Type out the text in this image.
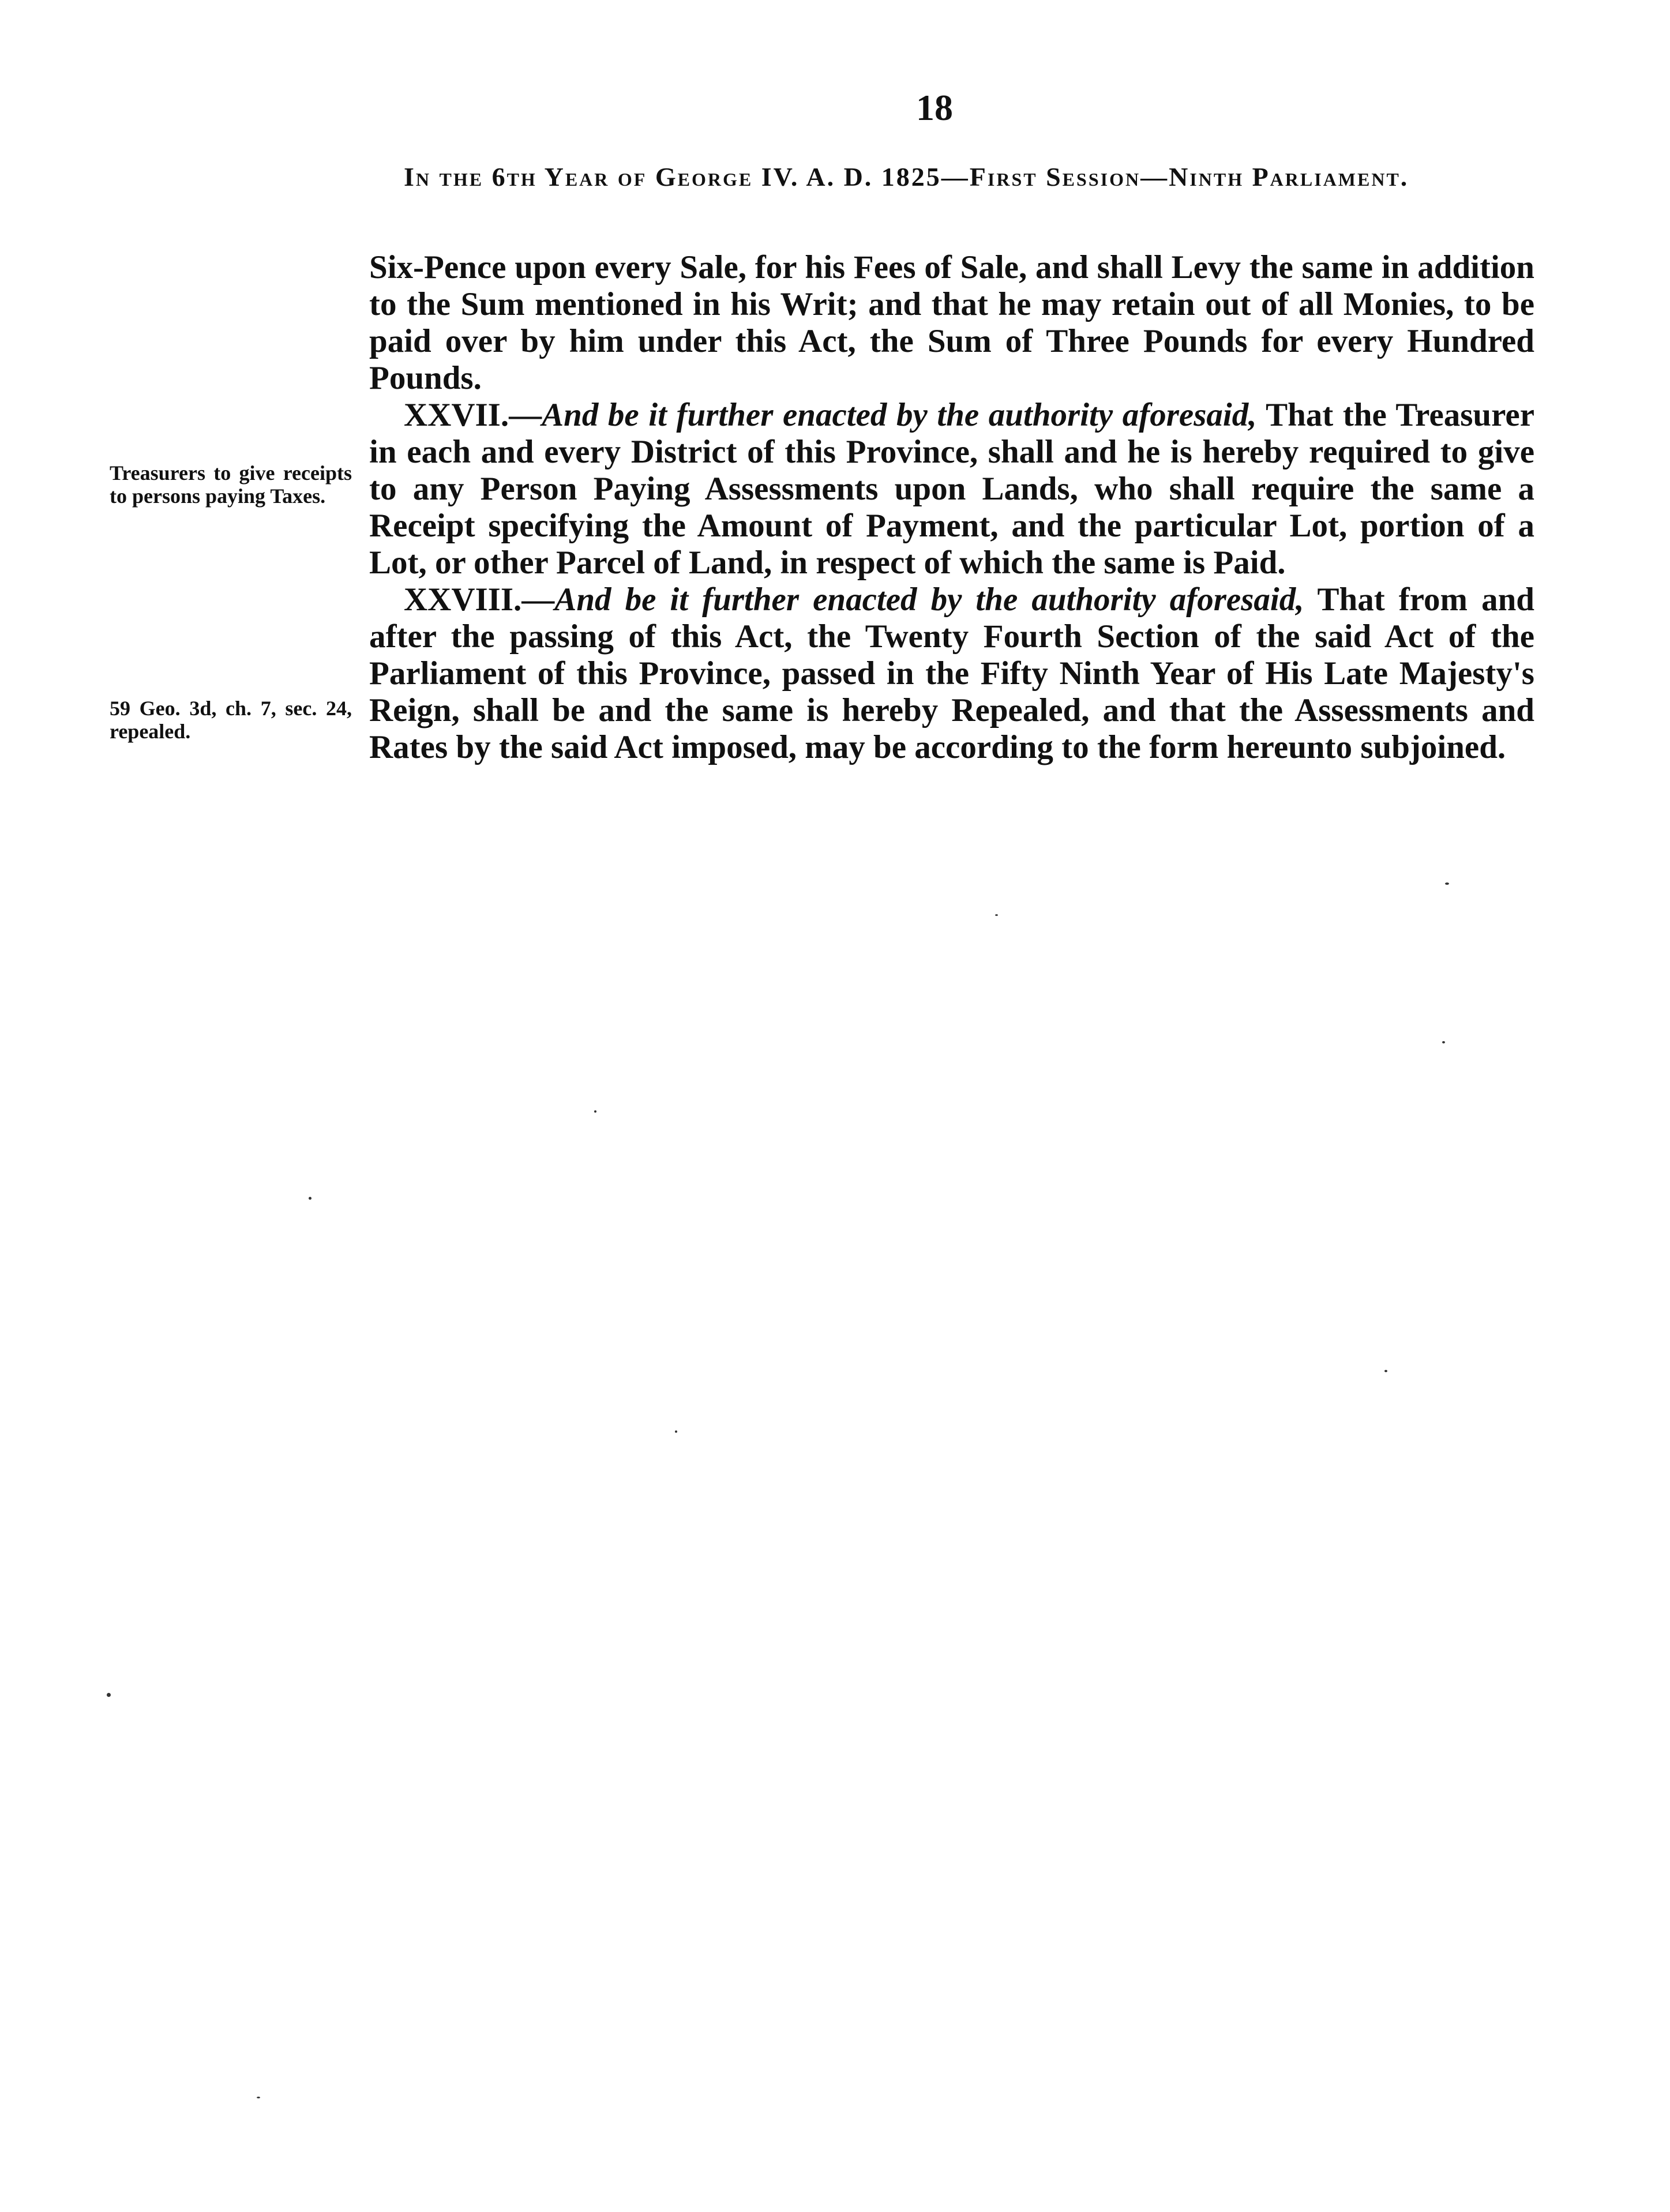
18
In the 6th Year of George IV. A. D. 1825—First Session—Ninth Parliament.
Treasurers to give receipts to persons paying Taxes.
59 Geo. 3d, ch. 7, sec. 24, repealed.

Six-Pence upon every Sale, for his Fees of Sale, and shall Levy the same in addition to the Sum mentioned in his Writ; and that he may retain out of all Monies, to be paid over by him under this Act, the Sum of Three Pounds for every Hundred Pounds.

XXVII.—And be it further enacted by the authority aforesaid, That the Treasurer in each and every District of this Province, shall and he is hereby required to give to any Person Paying Assessments upon Lands, who shall require the same a Receipt specifying the Amount of Payment, and the particular Lot, portion of a Lot, or other Parcel of Land, in respect of which the same is Paid.

XXVIII.—And be it further enacted by the authority aforesaid, That from and after the passing of this Act, the Twenty Fourth Section of the said Act of the Parliament of this Province, passed in the Fifty Ninth Year of His Late Majesty's Reign, shall be and the same is hereby Repealed, and that the Assessments and Rates by the said Act imposed, may be according to the form hereunto subjoined.
